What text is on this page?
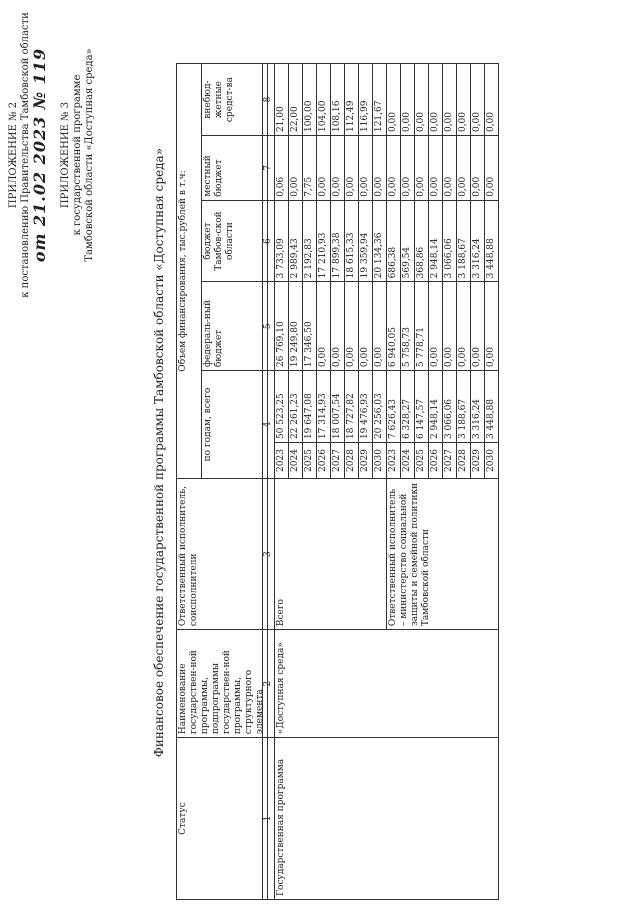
ПРИЛОЖЕНИЕ № 2 к постановлению Правительства Тамбовской области от 21.02 2023 № 119 ПРИЛОЖЕНИЕ № 3 к государственной программе Тамбовской области «Доступная среда»	Финансовое обеспечение государственной программы Тамбовской области «Доступная среда»
Статус	Наименование государствен-ной программы, подпрограммы государствен-ной программы, структурного элемента	Ответственный исполнитель, соисполнители	Объем финансирования, тыс.рублей в т.ч:				
			по годам, всего	федераль-ный бюджет	бюджет Тамбов-ской области	местный бюджет	внебюд-жетные средст-ва
1	2	3	4		5	6	7	8
Государственная программа	«Доступная среда»	Всего	2023	50 523,25	26 769,10	3 733,09	0,06	21,00
			2024	22 261,23	19 249,80	2 989,43	0,00	22,00
			2025	19 647,08	17 346,50	2 192,83	7,75	100,00
			2026	17 314,93	0,00	17 210,93	0,00	104,00
			2027	18 007,54	0,00	17 899,38	0,00	108,16
			2028	18 727,82	0,00	18 615,33	0,00	112,49
			2029	19 476,93	0,00	19 359,94	0,00	116,99
			2030	20 256,03	0,00	20 134,36	0,00	121,67
		Ответственный исполнитель – министерство социальной защиты и семейной политики Тамбовской области	2023	7 626,43	6 940,05	686,38	0,00	0,00
			2024	6 328,27	5 758,73	569,54	0,00	0,00
			2025	6 147,57	5 778,71	368,86	0,00	0,00
			2026	2 948,14	0,00	2 948,14	0,00	0,00
			2027	3 066,06	0,00	3 066,06	0,00	0,00
			2028	3 188,67	0,00	3 188,67	0,00	0,00
			2029	3 316,24	0,00	3 316,24	0,00	0,00
			2030	3 448,88	0,00	3 448,88	0,00	0,00
